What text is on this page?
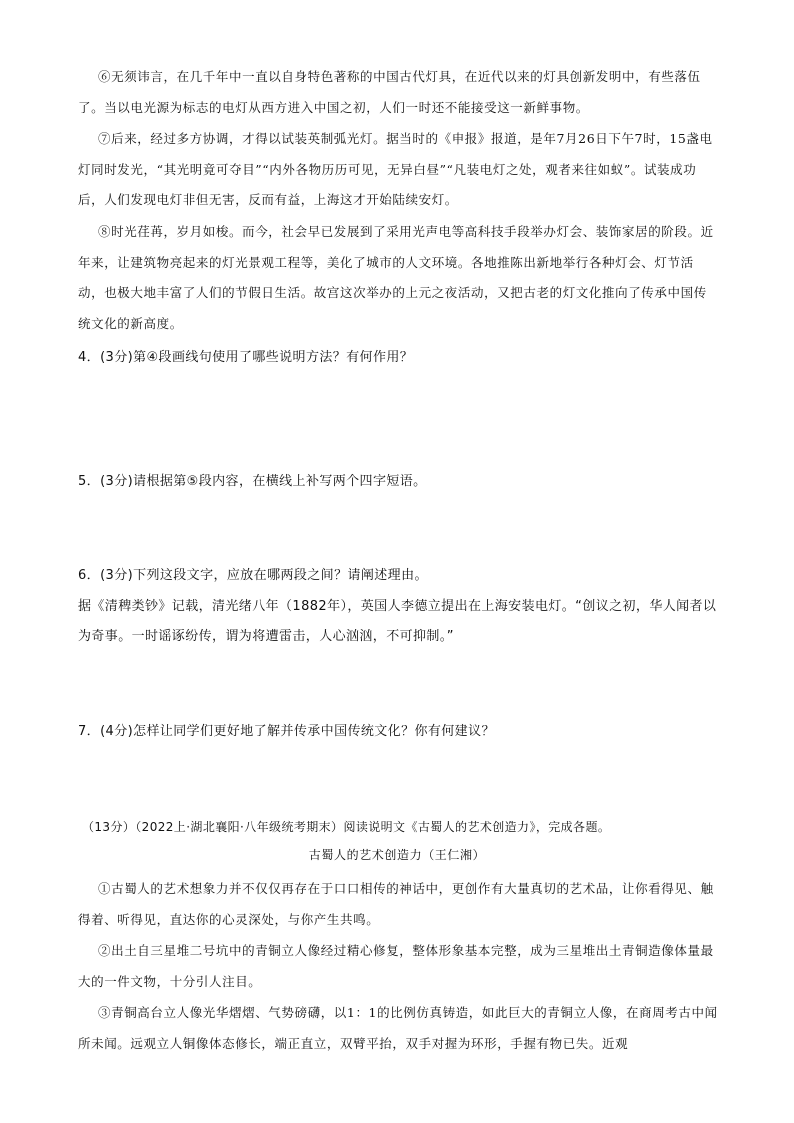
⑥无须讳言，在几千年中一直以自身特色著称的中国古代灯具，在近代以来的灯具创新发明中，有些落伍了。当以电光源为标志的电灯从西方进入中国之初，人们一时还不能接受这一新鲜事物。

⑦后来，经过多方协调，才得以试装英制弧光灯。据当时的《申报》报道，是年7月26日下午7时，15盏电灯同时发光，“其光明竟可夺目”“内外各物历历可见，无异白昼”“凡装电灯之处，观者来往如蚁”。试装成功后，人们发现电灯非但无害，反而有益，上海这才开始陆续安灯。

⑧时光荏苒，岁月如梭。而今，社会早已发展到了采用光声电等高科技手段举办灯会、装饰家居的阶段。近年来，让建筑物亮起来的灯光景观工程等，美化了城市的人文环境。各地推陈出新地举行各种灯会、灯节活动，也极大地丰富了人们的节假日生活。故宫这次举办的上元之夜活动，又把古老的灯文化推向了传承中国传统文化的新高度。

4．(3分)第④段画线句使用了哪些说明方法？有何作用？

5．(3分)请根据第⑤段内容，在横线上补写两个四字短语。

6．(3分)下列这段文字，应放在哪两段之间？请阐述理由。

据《清稗类钞》记载，清光绪八年（1882年），英国人李德立提出在上海安装电灯。“创议之初，华人闻者以为奇事。一时谣诼纷传，谓为将遭雷击，人心汹汹，不可抑制。”

7．(4分)怎样让同学们更好地了解并传承中国传统文化？你有何建议？

（13分）（2022上·湖北襄阳·八年级统考期末）阅读说明文《古蜀人的艺术创造力》，完成各题。

古蜀人的艺术创造力（王仁湘）

①古蜀人的艺术想象力并不仅仅再存在于口口相传的神话中，更创作有大量真切的艺术品，让你看得见、触得着、听得见，直达你的心灵深处，与你产生共鸣。

②出土自三星堆二号坑中的青铜立人像经过精心修复，整体形象基本完整，成为三星堆出土青铜造像体量最大的一件文物，十分引人注目。

③青铜高台立人像光华熠熠、气势磅礴，以1：1的比例仿真铸造，如此巨大的青铜立人像，在商周考古中闻所未闻。远观立人铜像体态修长，端正直立，双臂平抬，双手对握为环形，手握有物已失。近观
